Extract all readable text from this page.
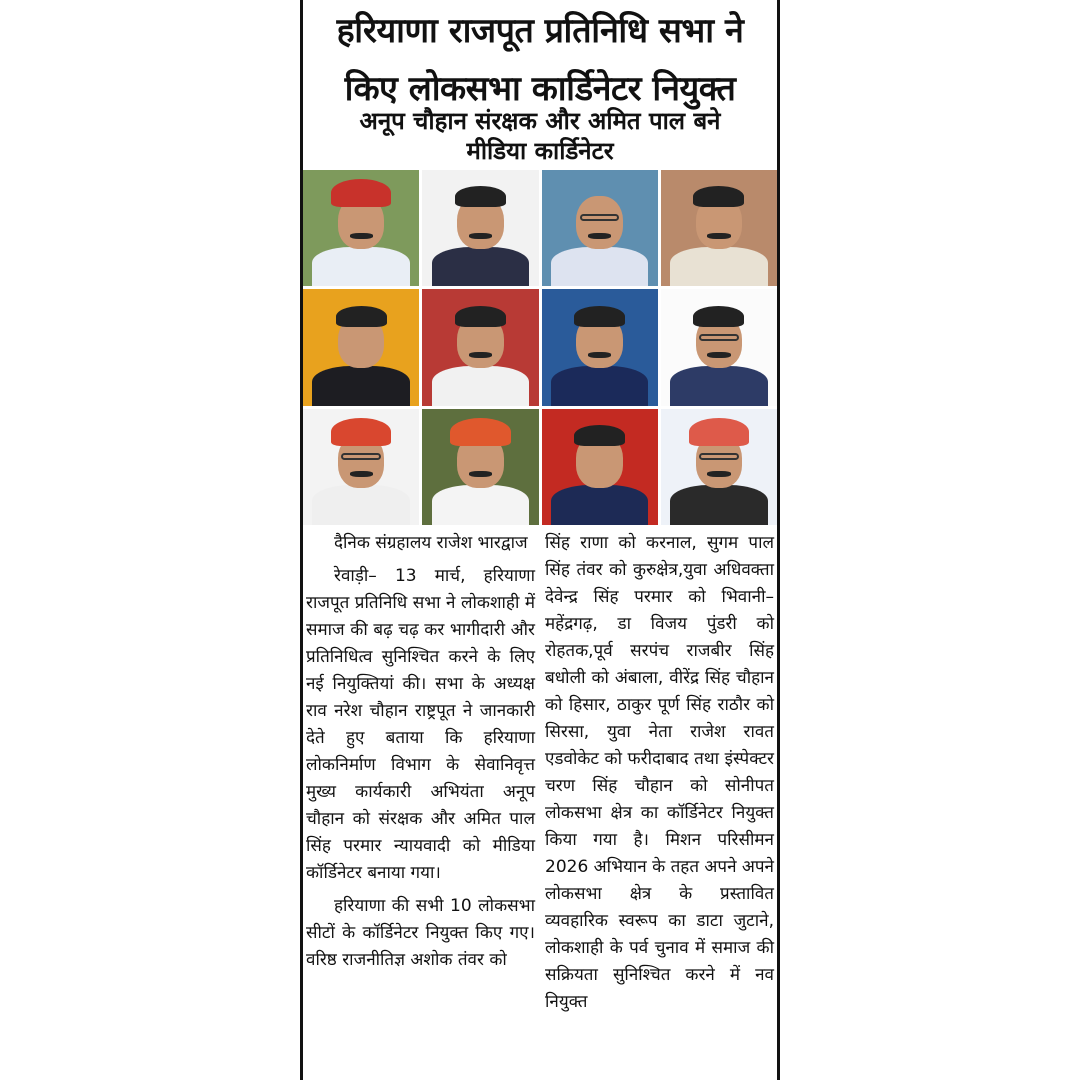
हरियाणा राजपूत प्रतिनिधि सभा ने
किए लोकसभा कार्डिनेटर नियुक्त
अनूप चौहान संरक्षक और अमित पाल बने
मीडिया कार्डिनेटर

दैनिक संग्रहालय राजेश भारद्वाज

रेवाड़ी– 13 मार्च, हरियाणा राजपूत प्रतिनिधि सभा ने लोकशाही में समाज की बढ़ चढ़ कर भागीदारी और प्रतिनिधित्व सुनिश्चित करने के लिए नई नियुक्तियां की। सभा के अध्यक्ष राव नरेश चौहान राष्ट्रपूत ने जानकारी देते हुए बताया कि हरियाणा लोकनिर्माण विभाग के सेवानिवृत्त मुख्य कार्यकारी अभियंता अनूप चौहान को संरक्षक और अमित पाल सिंह परमार न्यायवादी को मीडिया कॉर्डिनेटर बनाया गया।

हरियाणा की सभी 10 लोकसभा सीटों के कॉर्डिनेटर नियुक्त किए गए। वरिष्ठ राजनीतिज्ञ अशोक तंवर को

सिंह राणा को करनाल, सुगम पाल सिंह तंवर को कुरुक्षेत्र,युवा अधिवक्ता देवेन्द्र सिंह परमार को भिवानी– महेंद्रगढ़, डा विजय पुंडरी को रोहतक,पूर्व सरपंच राजबीर सिंह बधोली को अंबाला, वीरेंद्र सिंह चौहान को हिसार, ठाकुर पूर्ण सिंह राठौर को सिरसा, युवा नेता राजेश रावत एडवोकेट को फरीदाबाद तथा इंस्पेक्टर चरण सिंह चौहान को सोनीपत लोकसभा क्षेत्र का कॉर्डिनेटर नियुक्त किया गया है। मिशन परिसीमन 2026 अभियान के तहत अपने अपने लोकसभा क्षेत्र के प्रस्तावित व्यवहारिक स्वरूप का डाटा जुटाने, लोकशाही के पर्व चुनाव में समाज की सक्रियता सुनिश्चित करने में नव नियुक्त
